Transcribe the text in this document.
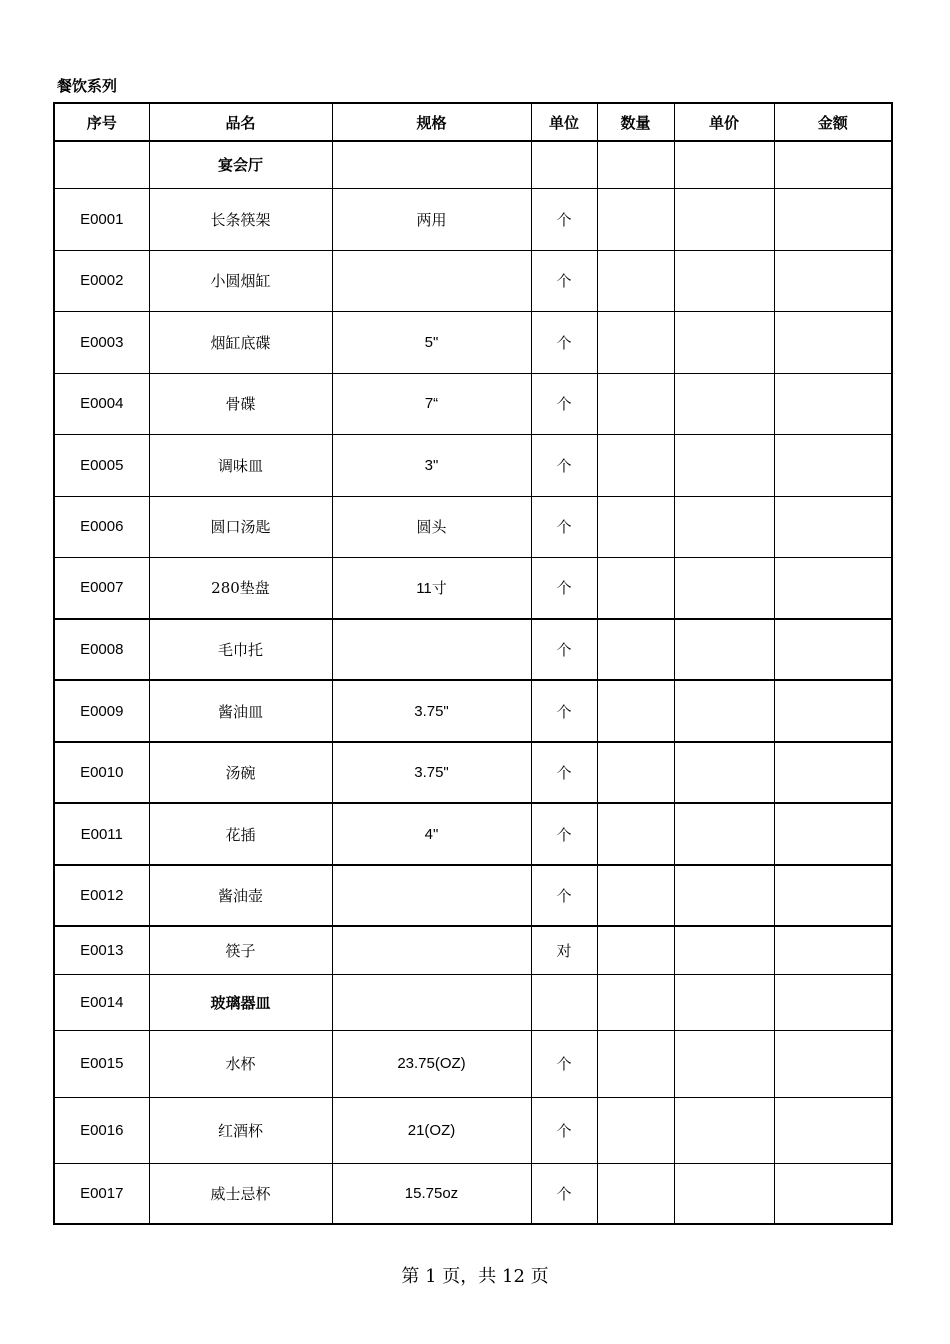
餐饮系列
序号	品名	规格	单位	数量	单价	金额
	宴会厅					
E0001	长条筷架	两用	个			
E0002	小圆烟缸		个			
E0003	烟缸底碟	5"	个			
E0004	骨碟	7“	个			
E0005	调味皿	3"	个			
E0006	圆口汤匙	圆头	个			
E0007	280垫盘	11寸	个			
E0008	毛巾托		个			
E0009	酱油皿	3.75"	个			
E0010	汤碗	3.75"	个			
E0011	花插	4"	个			
E0012	酱油壶		个			
E0013	筷子		对			
E0014	玻璃器皿					
E0015	水杯	23.75(OZ)	个			
E0016	红酒杯	21(OZ)	个			
E0017	威士忌杯	15.75oz	个			
第 1 页，共 12 页
